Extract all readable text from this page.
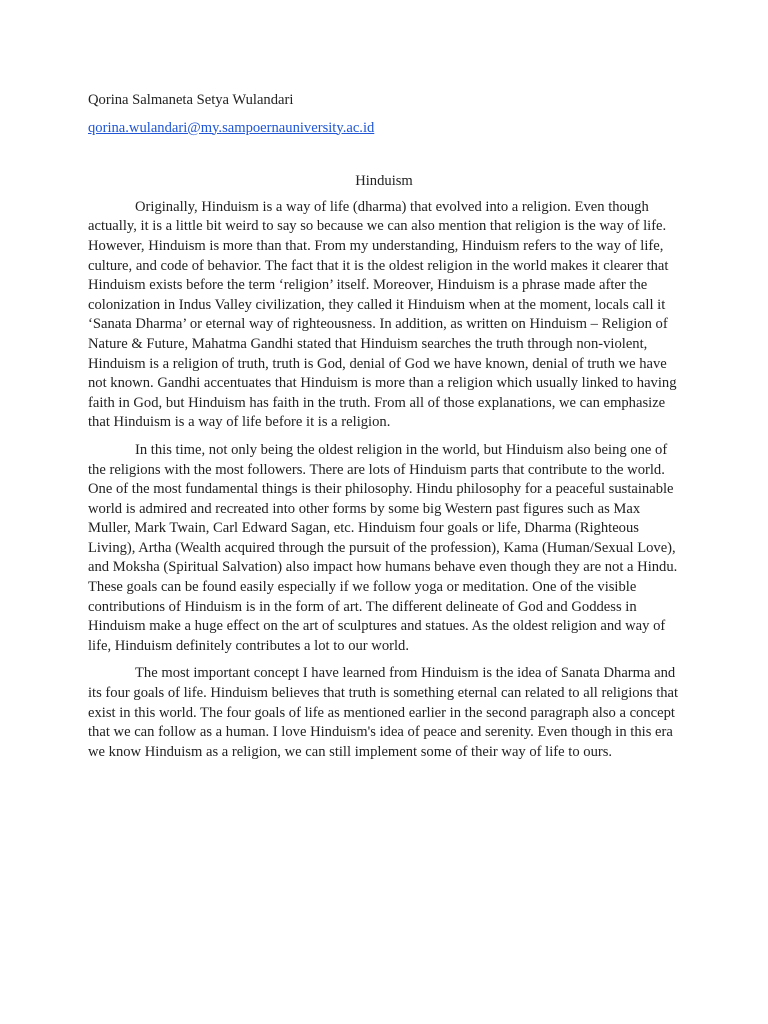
Qorina Salmaneta Setya Wulandari

qorina.wulandari@my.sampoernauniversity.ac.id

Hinduism

Originally, Hinduism is a way of life (dharma) that evolved into a religion. Even though actually, it is a little bit weird to say so because we can also mention that religion is the way of life. However, Hinduism is more than that. From my understanding, Hinduism refers to the way of life, culture, and code of behavior. The fact that it is the oldest religion in the world makes it clearer that Hinduism exists before the term ‘religion’ itself. Moreover, Hinduism is a phrase made after the colonization in Indus Valley civilization, they called it Hinduism when at the moment, locals call it ‘Sanata Dharma’ or eternal way of righteousness. In addition, as written on Hinduism – Religion of Nature & Future, Mahatma Gandhi stated that Hinduism searches the truth through non-violent, Hinduism is a religion of truth, truth is God, denial of God we have known, denial of truth we have not known. Gandhi accentuates that Hinduism is more than a religion which usually linked to having faith in God, but Hinduism has faith in the truth. From all of those explanations, we can emphasize that Hinduism is a way of life before it is a religion.

In this time, not only being the oldest religion in the world, but Hinduism also being one of the religions with the most followers. There are lots of Hinduism parts that contribute to the world. One of the most fundamental things is their philosophy. Hindu philosophy for a peaceful sustainable world is admired and recreated into other forms by some big Western past figures such as Max Muller, Mark Twain, Carl Edward Sagan, etc. Hinduism four goals or life, Dharma (Righteous Living), Artha (Wealth acquired through the pursuit of the profession), Kama (Human/Sexual Love), and Moksha (Spiritual Salvation) also impact how humans behave even though they are not a Hindu. These goals can be found easily especially if we follow yoga or meditation. One of the visible contributions of Hinduism is in the form of art. The different delineate of God and Goddess in Hinduism make a huge effect on the art of sculptures and statues. As the oldest religion and way of life, Hinduism definitely contributes a lot to our world.

The most important concept I have learned from Hinduism is the idea of Sanata Dharma and its four goals of life. Hinduism believes that truth is something eternal can related to all religions that exist in this world. The four goals of life as mentioned earlier in the second paragraph also a concept that we can follow as a human. I love Hinduism's idea of peace and serenity. Even though in this era we know Hinduism as a religion, we can still implement some of their way of life to ours.
